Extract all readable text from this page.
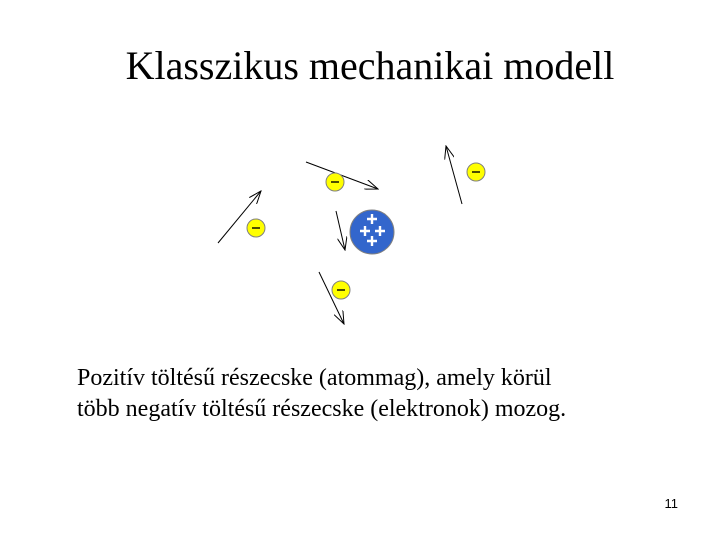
Klasszikus mechanikai modell
Pozitív töltésű részecske (atommag), amely körül
több negatív töltésű részecske (elektronok) mozog.
11
